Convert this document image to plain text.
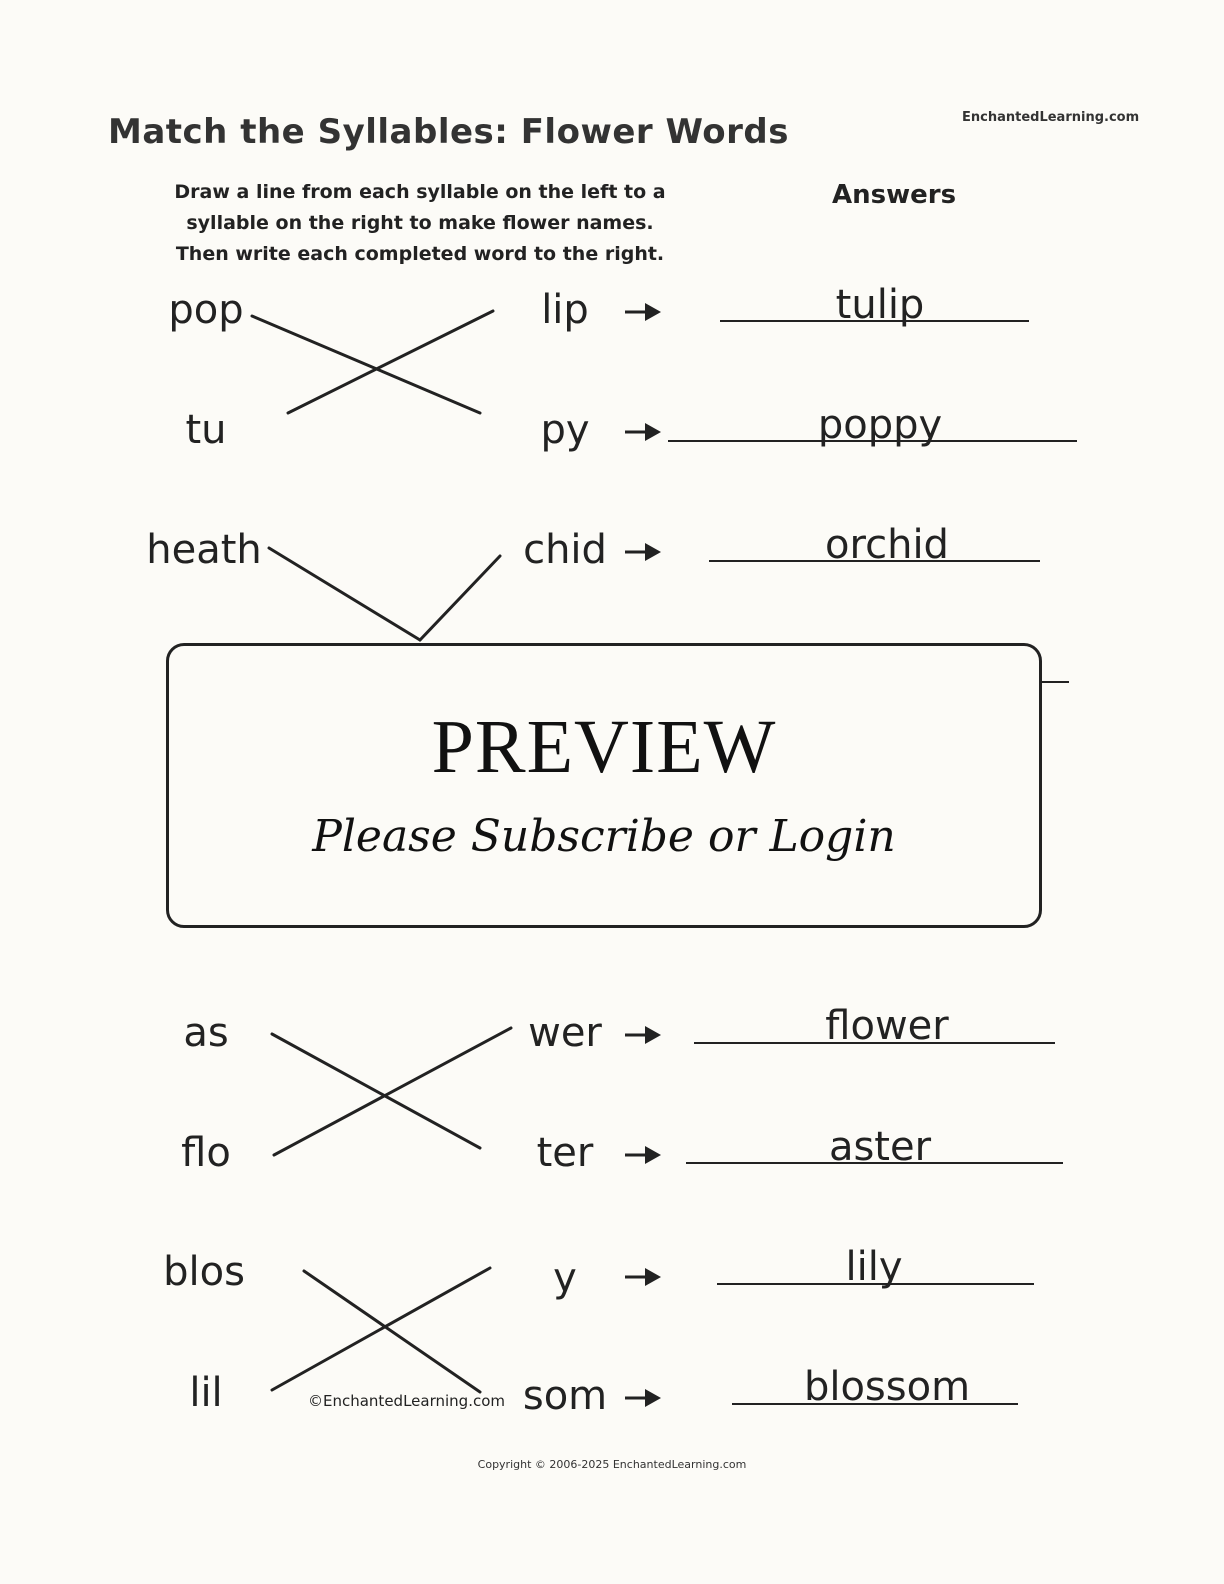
Match the Syllables: Flower Words	EnchantedLearning.com
Draw a line from each syllable on the left to a
syllable on the right to make flower names.
Then write each completed word to the right.
Answers
pop	lip	tulip
tu	py	poppy
heath	chid	orchid
as	wer	flower
flo	ter	aster
blos	y	lily
lil	som	blossom
©EnchantedLearning.com
Copyright © 2006-2025 EnchantedLearning.com
PREVIEW
Please Subscribe or Login
